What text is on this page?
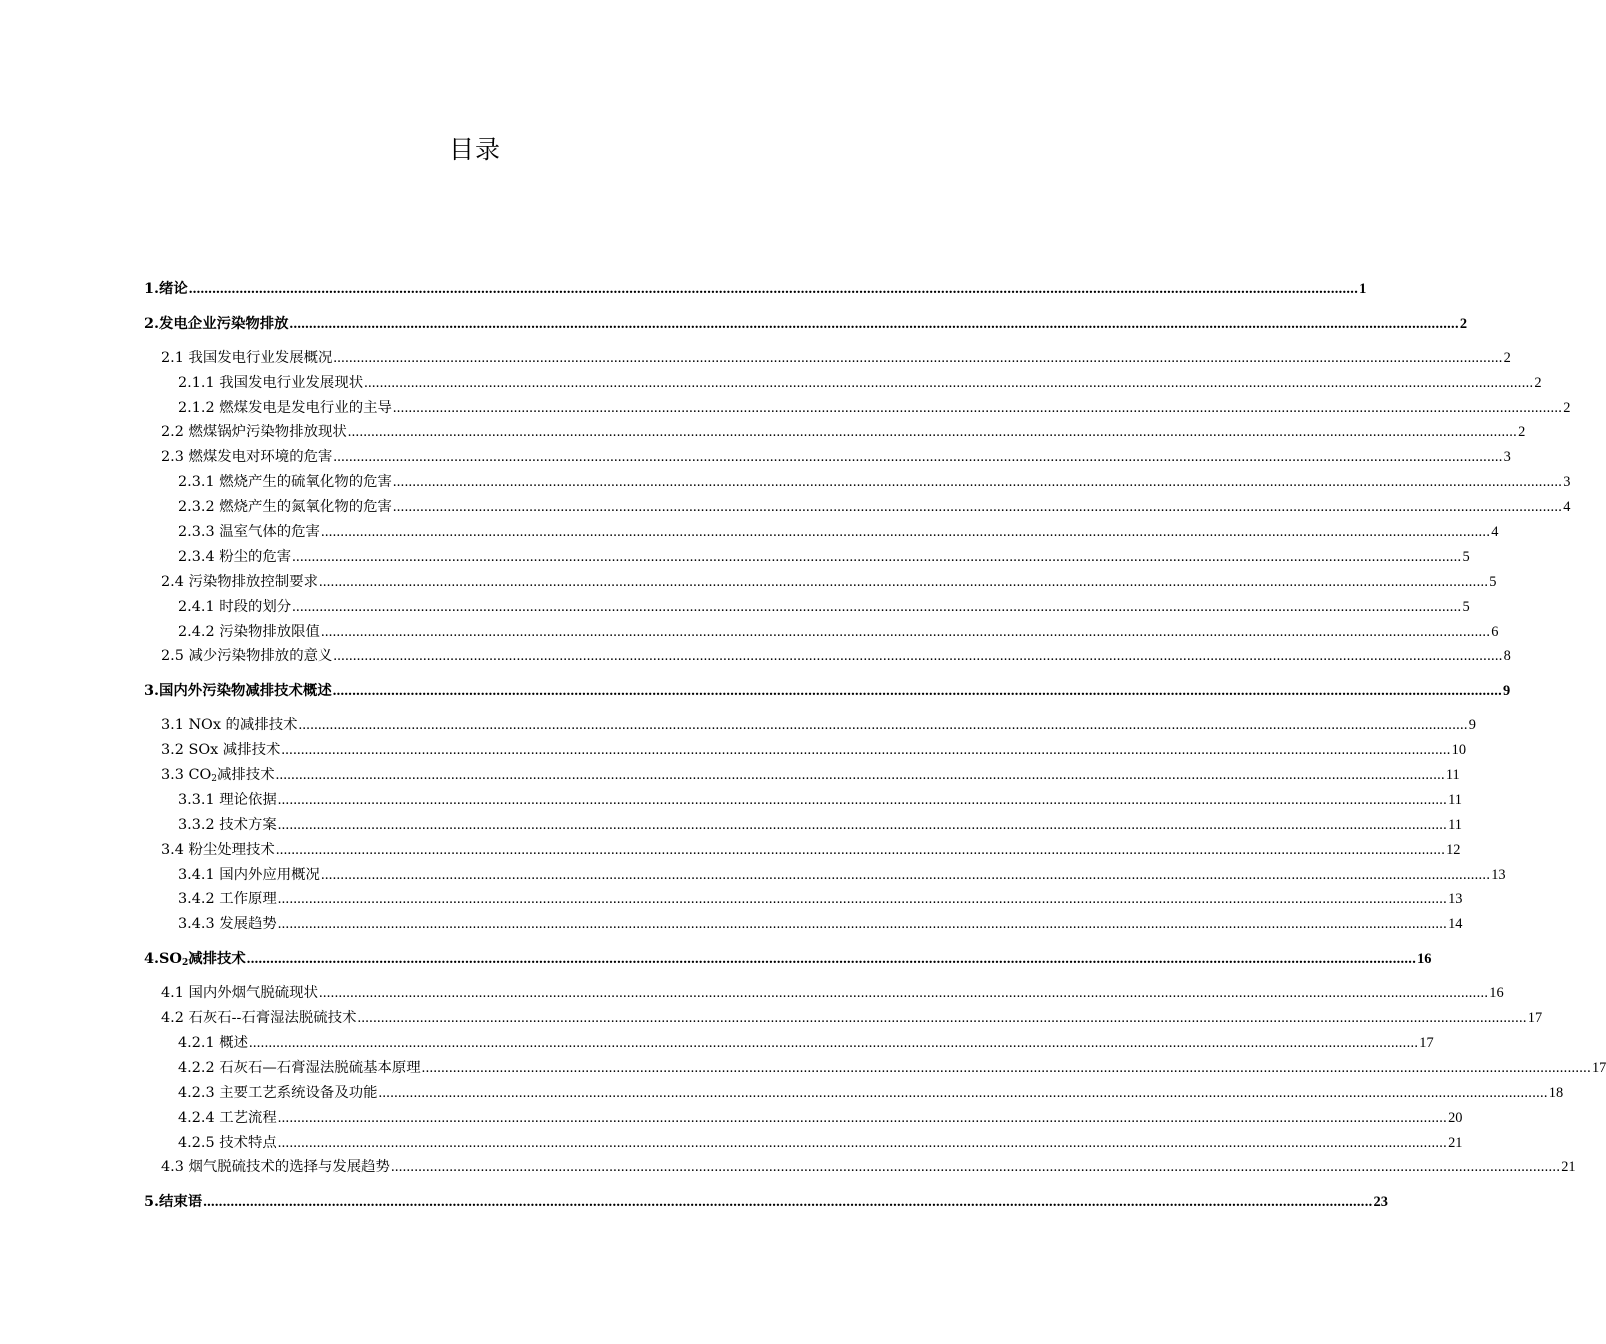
目录
1.绪论 ............................................................................................................................................................................................................................................................................................................ 1
2.发电企业污染物排放 ............................................................................................................................................................................................................................................................................................................ 2
2.1 我国发电行业发展概况 ............................................................................................................................................................................................................................................................................................................ 2
2.1.1 我国发电行业发展现状 ............................................................................................................................................................................................................................................................................................................ 2
2.1.2 燃煤发电是发电行业的主导 ............................................................................................................................................................................................................................................................................................................ 2
2.2 燃煤锅炉污染物排放现状 ............................................................................................................................................................................................................................................................................................................ 2
2.3 燃煤发电对环境的危害 ............................................................................................................................................................................................................................................................................................................ 3
2.3.1 燃烧产生的硫氧化物的危害 ............................................................................................................................................................................................................................................................................................................ 3
2.3.2 燃烧产生的氮氧化物的危害 ............................................................................................................................................................................................................................................................................................................ 4
2.3.3 温室气体的危害 ............................................................................................................................................................................................................................................................................................................ 4
2.3.4 粉尘的危害 ............................................................................................................................................................................................................................................................................................................ 5
2.4 污染物排放控制要求 ............................................................................................................................................................................................................................................................................................................ 5
2.4.1 时段的划分 ............................................................................................................................................................................................................................................................................................................ 5
2.4.2 污染物排放限值 ............................................................................................................................................................................................................................................................................................................ 6
2.5 减少污染物排放的意义 ............................................................................................................................................................................................................................................................................................................ 8
3.国内外污染物减排技术概述 ............................................................................................................................................................................................................................................................................................................ 9
3.1 NOx 的减排技术 ............................................................................................................................................................................................................................................................................................................ 9
3.2 SOx 减排技术 ............................................................................................................................................................................................................................................................................................................ 10
3.3 $CO_2$减排技术 ............................................................................................................................................................................................................................................................................................................ 11
3.3.1 理论依据 ............................................................................................................................................................................................................................................................................................................ 11
3.3.2 技术方案 ............................................................................................................................................................................................................................................................................................................ 11
3.4 粉尘处理技术 ............................................................................................................................................................................................................................................................................................................ 12
3.4.1 国内外应用概况 ............................................................................................................................................................................................................................................................................................................ 13
3.4.2 工作原理 ............................................................................................................................................................................................................................................................................................................ 13
3.4.3 发展趋势 ............................................................................................................................................................................................................................................................................................................ 14
$4.SO_2$减排技术 ............................................................................................................................................................................................................................................................................................................ 16
4.1 国内外烟气脱硫现状 ............................................................................................................................................................................................................................................................................................................ 16
4.2 石灰石--石膏湿法脱硫技术 ............................................................................................................................................................................................................................................................................................................ 17
4.2.1 概述 ............................................................................................................................................................................................................................................................................................................ 17
4.2.2 石灰石—石膏湿法脱硫基本原理 ............................................................................................................................................................................................................................................................................................................ 17
4.2.3 主要工艺系统设备及功能 ............................................................................................................................................................................................................................................................................................................ 18
4.2.4 工艺流程 ............................................................................................................................................................................................................................................................................................................ 20
4.2.5 技术特点 ............................................................................................................................................................................................................................................................................................................ 21
4.3 烟气脱硫技术的选择与发展趋势 ............................................................................................................................................................................................................................................................................................................ 21
5.结束语 ............................................................................................................................................................................................................................................................................................................ 23
